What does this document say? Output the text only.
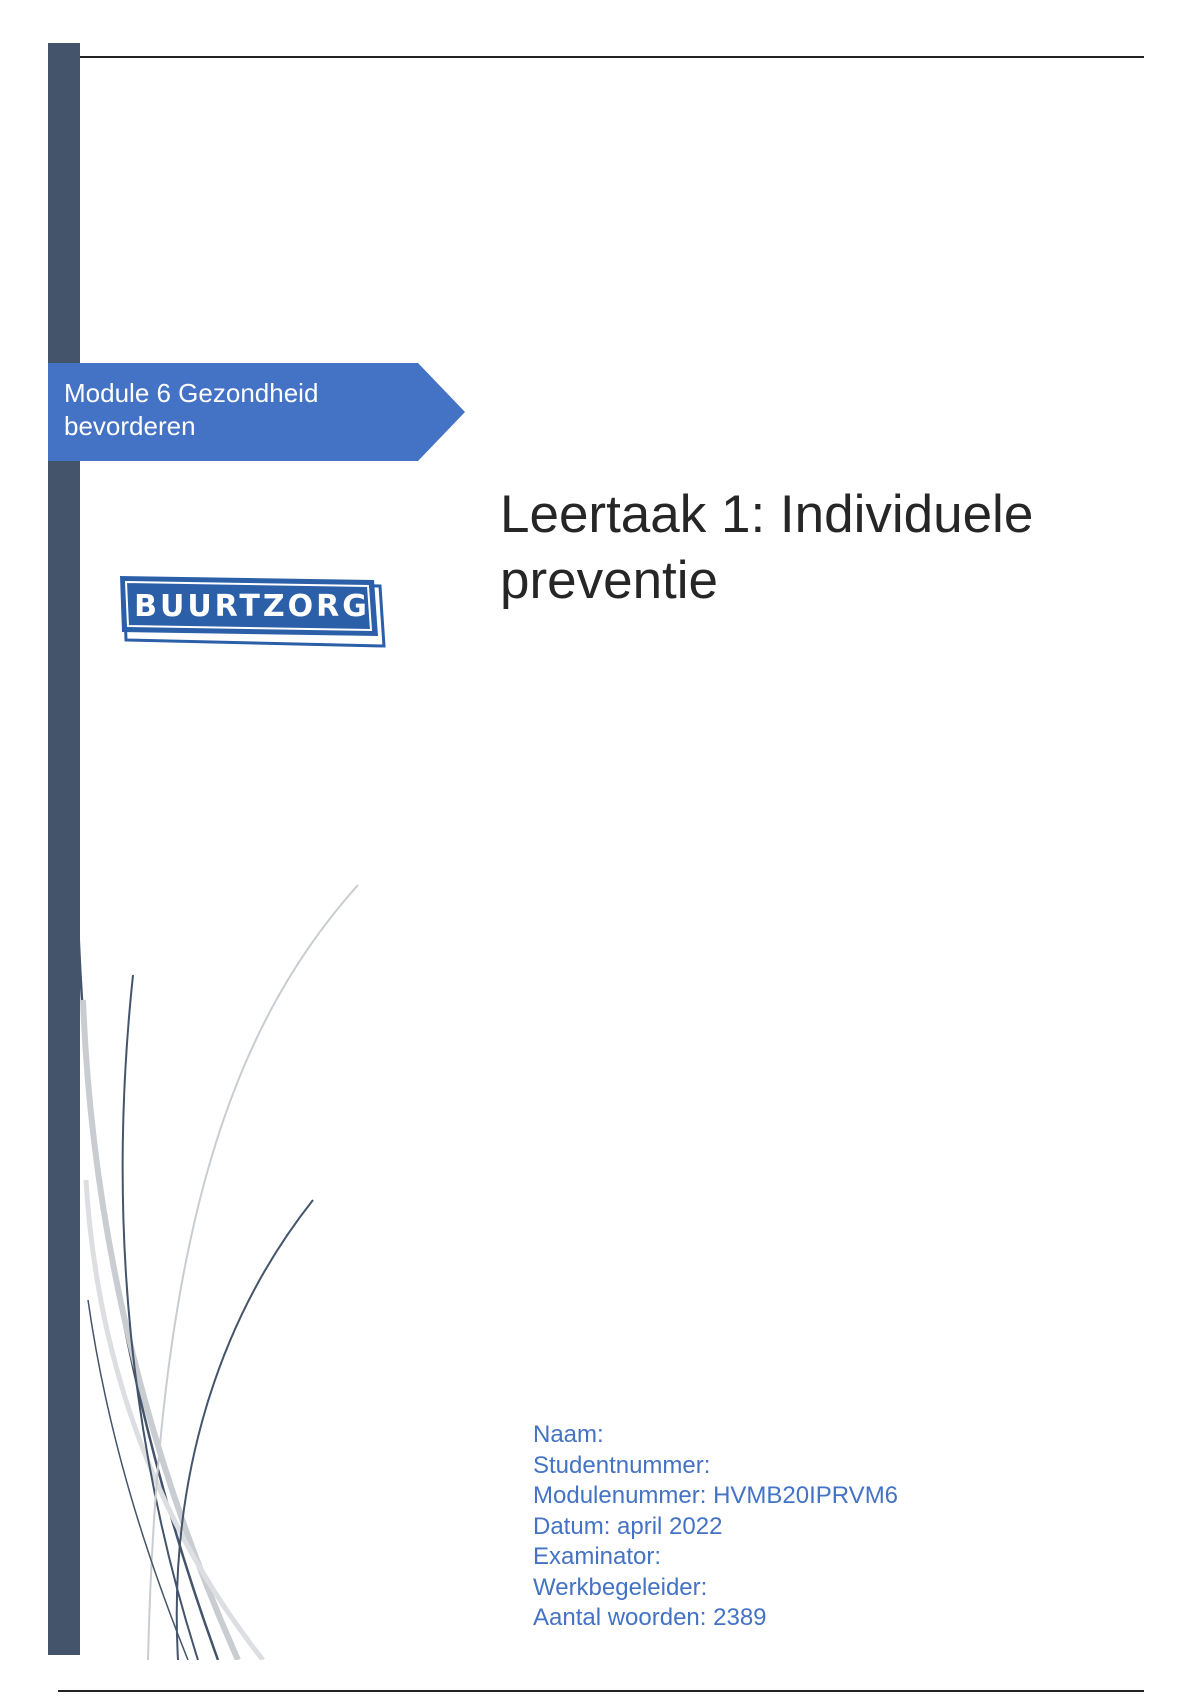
Module 6 Gezondheid bevorderen
BUURTZORG
Leertaak 1: Individuele preventie
Naam:
Studentnummer:
Modulenummer: HVMB20IPRVM6
Datum: april 2022
Examinator:
Werkbegeleider:
Aantal woorden: 2389
